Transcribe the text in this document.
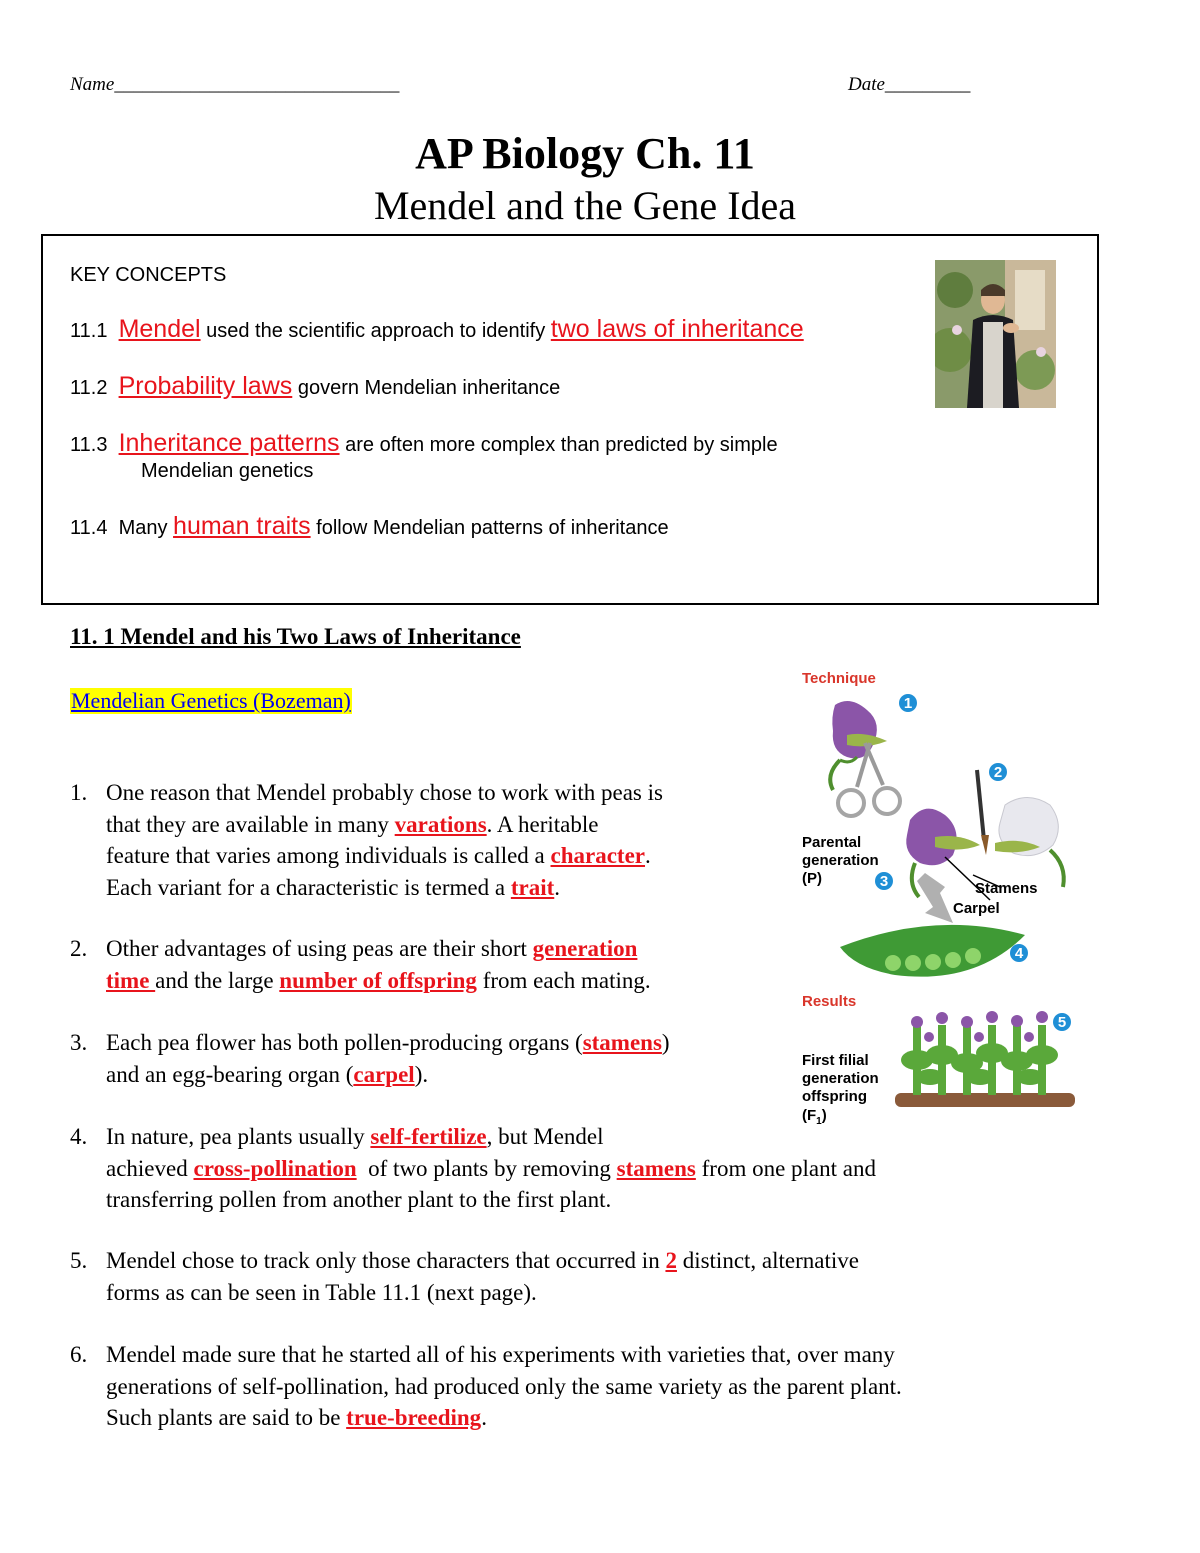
Name______________________________	Date_________
AP Biology Ch. 11
Mendel and the Gene Idea
KEY CONCEPTS
11.1 Mendel used the scientific approach to identify two laws of inheritance
11.2 Probability laws govern Mendelian inheritance
11.3 Inheritance patterns are often more complex than predicted by simple
Mendelian genetics
11.4 Many human traits follow Mendelian patterns of inheritance
11. 1 Mendel and his Two Laws of Inheritance
Mendelian Genetics (Bozeman)
1. One reason that Mendel probably chose to work with peas is
that they are available in many varations. A heritable
feature that varies among individuals is called a character.
Each variant for a characteristic is termed a trait.
2. Other advantages of using peas are their short generation
time and the large number of offspring from each mating.
3. Each pea flower has both pollen-producing organs (stamens)
and an egg-bearing organ (carpel).
4. In nature, pea plants usually self-fertilize, but Mendel
achieved cross-pollination  of two plants by removing stamens from one plant and
transferring pollen from another plant to the first plant.
5. Mendel chose to track only those characters that occurred in 2 distinct, alternative
forms as can be seen in Table 11.1 (next page).
6. Mendel made sure that he started all of his experiments with varieties that, over many
generations of self-pollination, had produced only the same variety as the parent plant.
Such plants are said to be true-breeding.
Technique
1
2
Parental
generation
(P)	3	Stamens
Carpel
4
Results
5
First filial
generation
offspring
$(F_1)$
